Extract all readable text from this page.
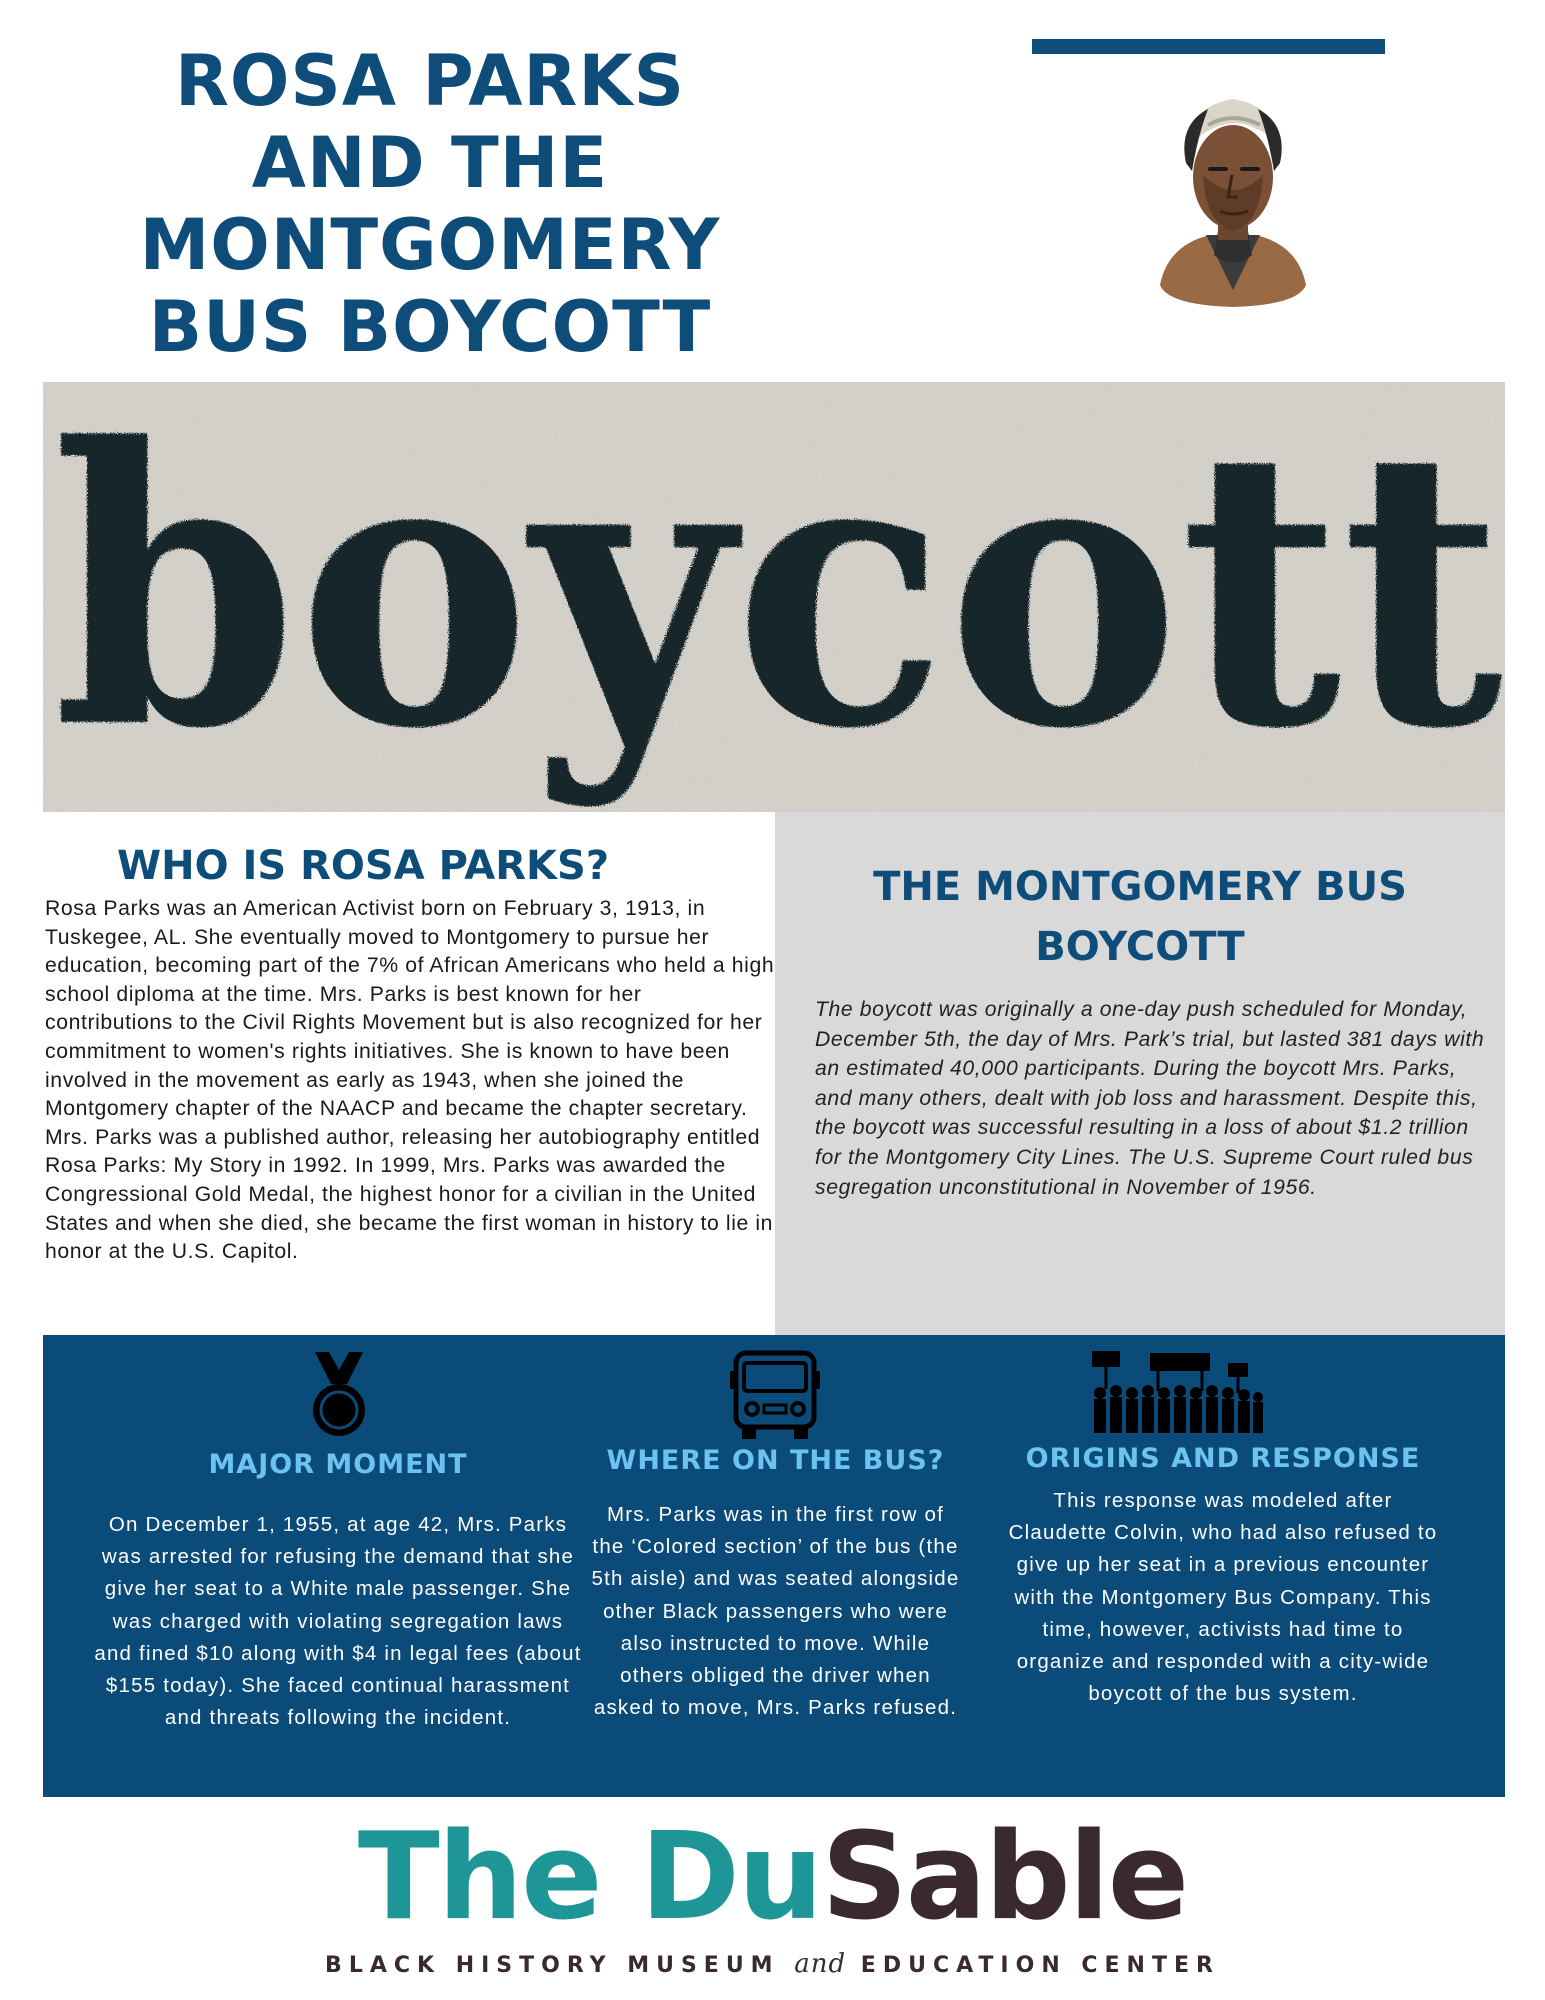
ROSA PARKS AND THE MONTGOMERY BUS BOYCOTT
boycott
WHO IS ROSA PARKS?

Rosa Parks was an American Activist born on February 3, 1913, in Tuskegee, AL. She eventually moved to Montgomery to pursue her education, becoming part of the 7% of African Americans who held a high school diploma at the time. Mrs. Parks is best known for her contributions to the Civil Rights Movement but is also recognized for her commitment to women's rights initiatives. She is known to have been involved in the movement as early as 1943, when she joined the Montgomery chapter of the NAACP and became the chapter secretary. Mrs. Parks was a published author, releasing her autobiography entitled Rosa Parks: My Story in 1992. In 1999, Mrs. Parks was awarded the Congressional Gold Medal, the highest honor for a civilian in the United States and when she died, she became the first woman in history to lie in honor at the U.S. Capitol.

THE MONTGOMERY BUS BOYCOTT

The boycott was originally a one-day push scheduled for Monday, December 5th, the day of Mrs. Park’s trial, but lasted 381 days with an estimated 40,000 participants. During the boycott Mrs. Parks, and many others, dealt with job loss and harassment. Despite this, the boycott was successful resulting in a loss of about $1.2 trillion for the Montgomery City Lines. The U.S. Supreme Court ruled bus segregation unconstitutional in November of 1956.

MAJOR MOMENT

On December 1, 1955, at age 42, Mrs. Parks was arrested for refusing the demand that she give her seat to a White male passenger. She was charged with violating segregation laws and fined $10 along with $4 in legal fees (about $155 today). She faced continual harassment and threats following the incident.

WHERE ON THE BUS?

Mrs. Parks was in the first row of the ‘Colored section’ of the bus (the 5th aisle) and was seated alongside other Black passengers who were also instructed to move. While others obliged the driver when asked to move, Mrs. Parks refused.

ORIGINS AND RESPONSE

This response was modeled after Claudette Colvin, who had also refused to give up her seat in a previous encounter with the Montgomery Bus Company. This time, however, activists had time to organize and responded with a city-wide boycott of the bus system.

The DuSable
BLACK HISTORY MUSEUM and EDUCATION CENTER
